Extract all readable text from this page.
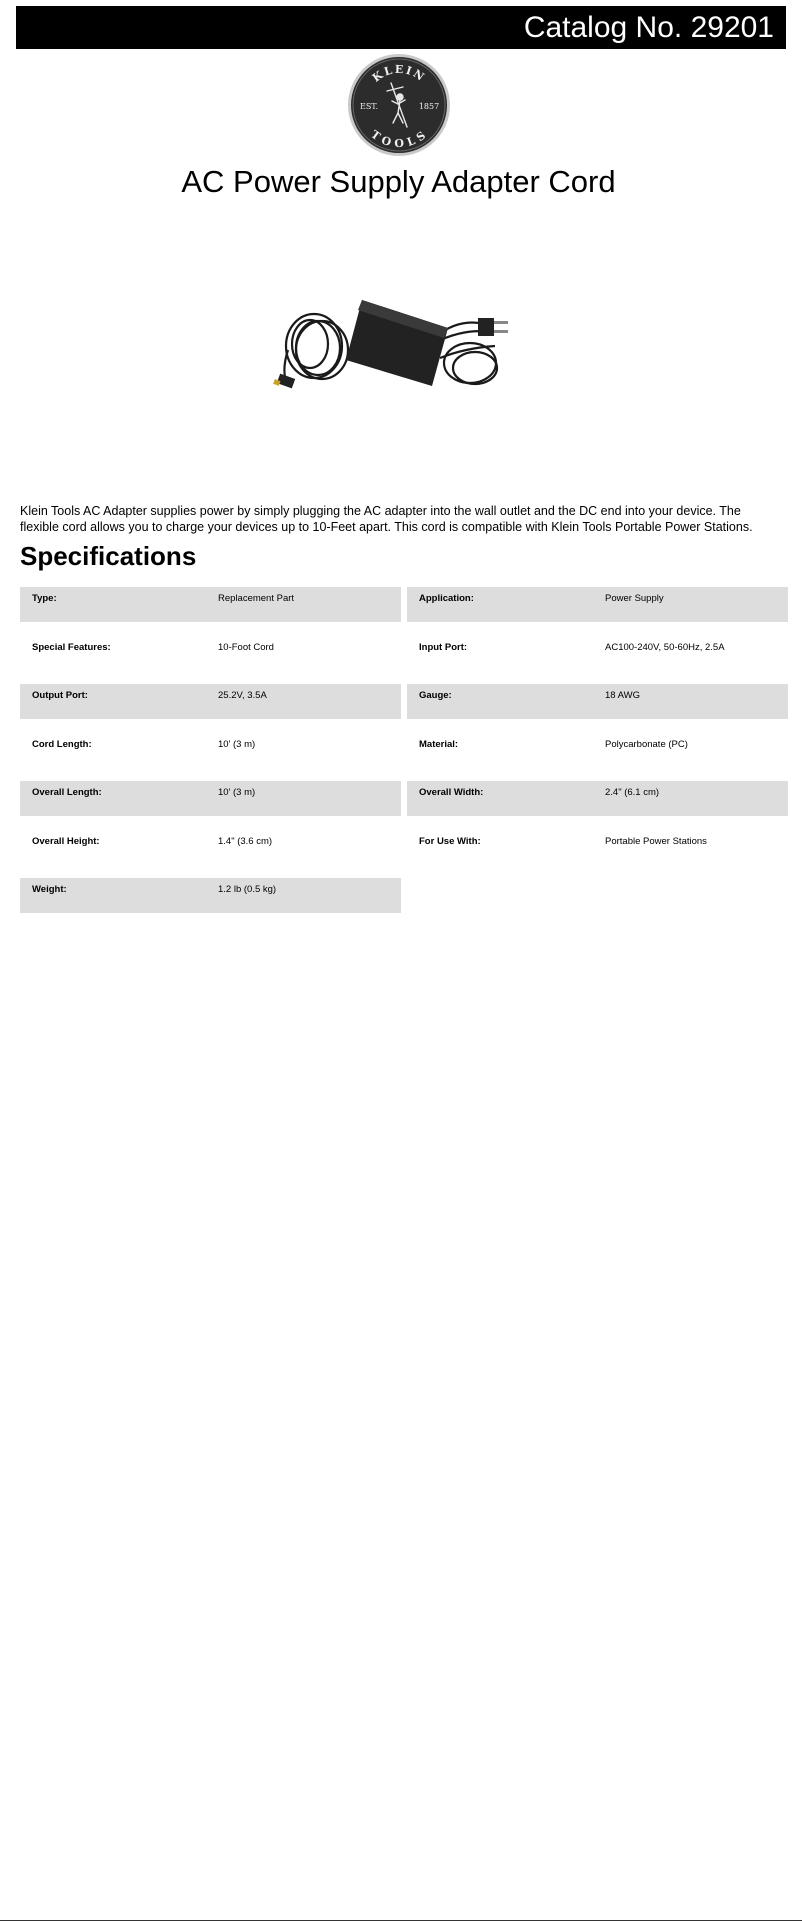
Catalog No. 29201
KLEIN
TOOLS
EST.	1857
AC Power Supply Adapter Cord

Klein Tools AC Adapter supplies power by simply plugging the AC adapter into the wall outlet and the DC end into your device. The flexible cord allows you to charge your devices up to 10-Feet apart. This cord is compatible with Klein Tools Portable Power Stations.

Specifications
Type:	Replacement Part	Application:	Power Supply
Special Features:	10-Foot Cord	Input Port:	AC100-240V, 50-60Hz, 2.5A
Output Port:	25.2V, 3.5A	Gauge:	18 AWG
Cord Length:	10' (3 m)	Material:	Polycarbonate (PC)
Overall Length:	10' (3 m)	Overall Width:	2.4" (6.1 cm)
Overall Height:	1.4" (3.6 cm)	For Use With:	Portable Power Stations
Weight:	1.2 lb (0.5 kg)
